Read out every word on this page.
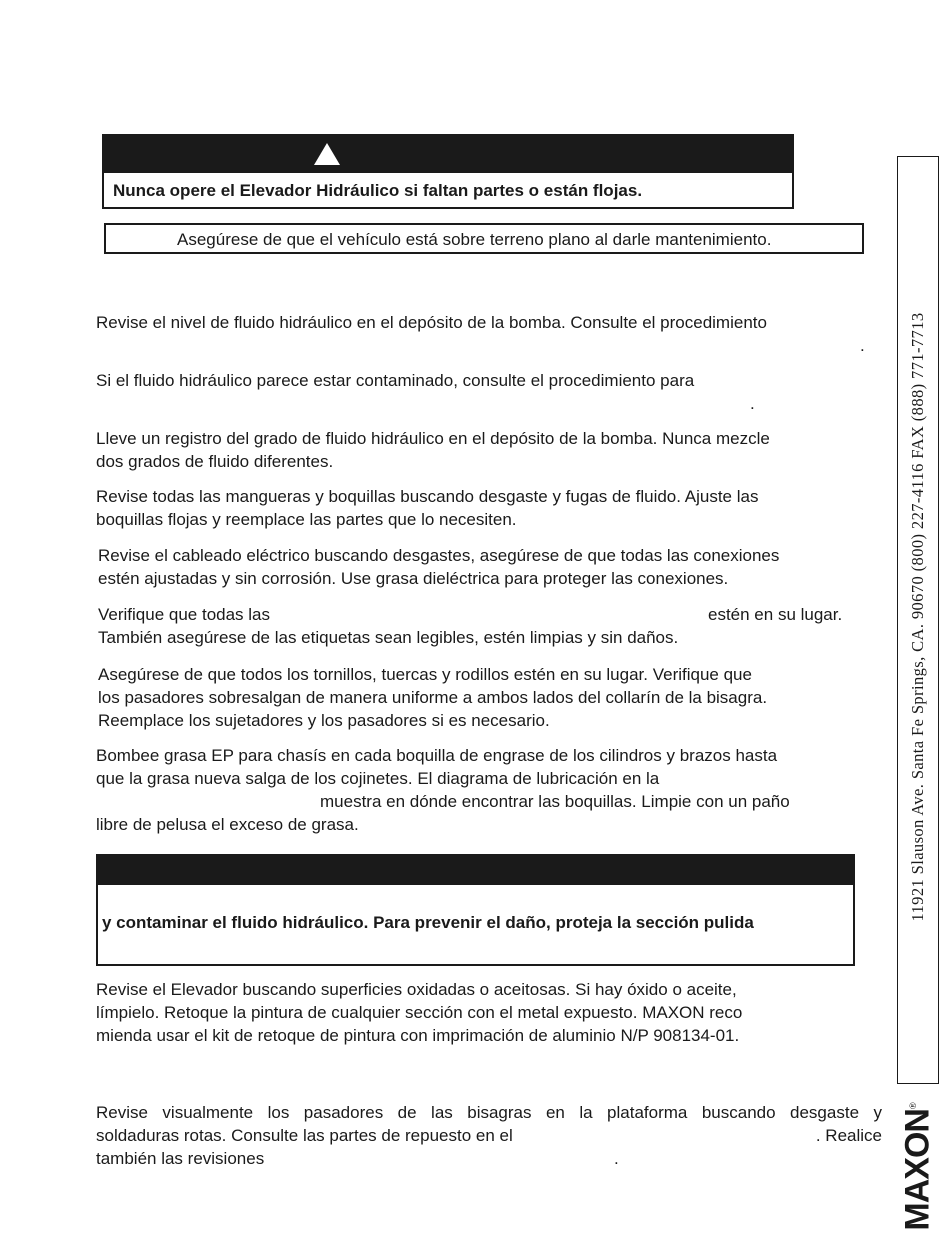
Nunca opere el Elevador Hidráulico si faltan partes o están flojas.
Asegúrese de que el vehículo está sobre terreno plano al darle mantenimiento.
Revise el nivel de fluido hidráulico en el depósito de la bomba. Consulte el procedimiento
.
Si el fluido hidráulico parece estar contaminado, consulte el procedimiento para
.
Lleve un registro del grado de fluido hidráulico en el depósito de la bomba. Nunca mezcle
dos grados de fluido diferentes.
Revise todas las mangueras y boquillas buscando desgaste y fugas de fluido. Ajuste las
boquillas flojas y reemplace las partes que lo necesiten.
Revise el cableado eléctrico buscando desgastes, asegúrese de que todas las conexiones
estén ajustadas y sin corrosión. Use grasa dieléctrica para proteger las conexiones.
Verifique que todas las	estén en su lugar.
También asegúrese de las etiquetas sean legibles, estén limpias y sin daños.
Asegúrese de que todos los tornillos, tuercas y rodillos estén en su lugar. Verifique que
los pasadores sobresalgan de manera uniforme a ambos lados del collarín de la bisagra.
Reemplace los sujetadores y los pasadores si es necesario.
Bombee grasa EP para chasís en cada boquilla de engrase de los cilindros y brazos hasta
que la grasa nueva salga de los cojinetes. El diagrama de lubricación en la
muestra en dónde encontrar las boquillas. Limpie con un paño
libre de pelusa el exceso de grasa.
y contaminar el fluido hidráulico. Para prevenir el daño, proteja la sección pulida
Revise el Elevador buscando superficies oxidadas o aceitosas. Si hay óxido o aceite,
límpielo. Retoque la pintura de cualquier sección con el metal expuesto. MAXON reco
mienda usar el kit de retoque de pintura con imprimación de aluminio N/P 908134-01.
Revise visualmente los pasadores de las bisagras en la plataforma buscando desgaste y
soldaduras rotas. Consulte las partes de repuesto en el	. Realice
también las revisiones	.
11921 Slauson Ave. Santa Fe Springs, CA. 90670 (800) 227-4116 FAX (888) 771-7713
MAXON®
